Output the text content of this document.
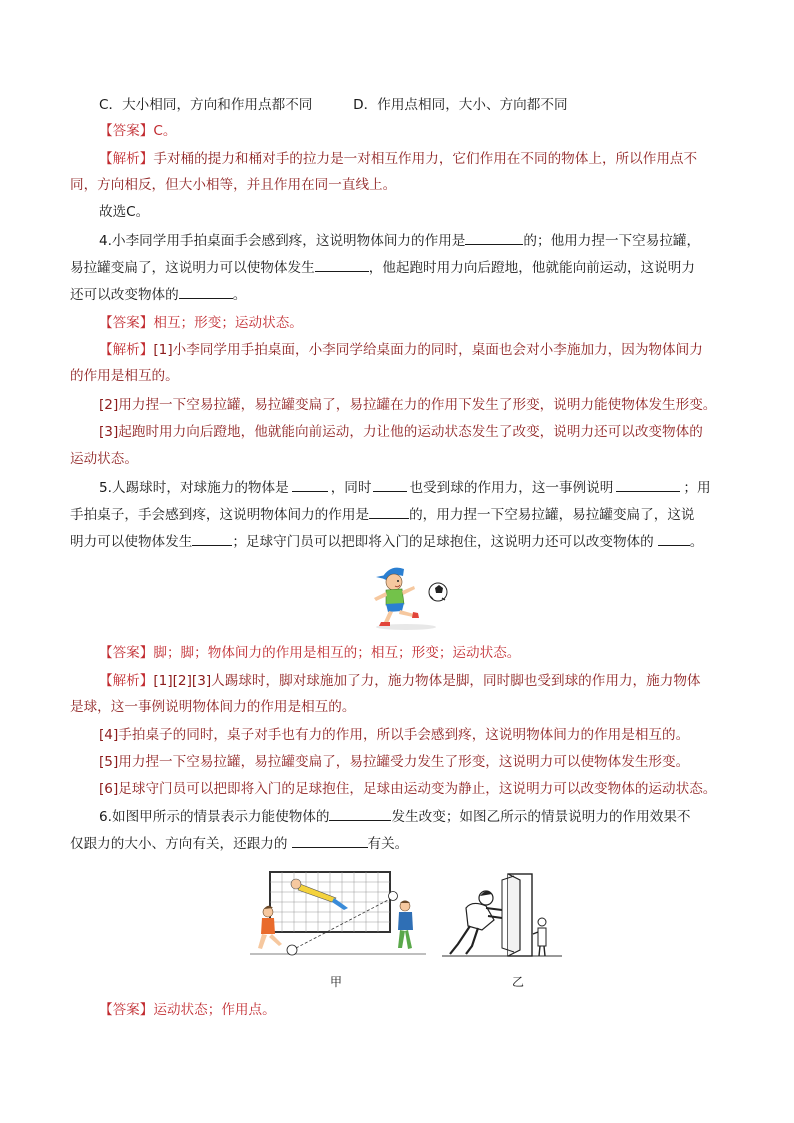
C．大小相同，方向和作用点都不同　　　D．作用点相同，大小、方向都不同
【答案】C。
【解析】手对桶的提力和桶对手的拉力是一对相互作用力，它们作用在不同的物体上，所以作用点不
同，方向相反，但大小相等，并且作用在同一直线上。
故选C。
4.小李同学用手拍桌面手会感到疼，这说明物体间力的作用是	的；他用力捏一下空易拉罐，
易拉罐变扁了，这说明力可以使物体发生	，他起跑时用力向后蹬地，他就能向前运动，这说明力
还可以改变物体的	。
【答案】相互；形变；运动状态。
【解析】[1]小李同学用手拍桌面，小李同学给桌面力的同时，桌面也会对小李施加力，因为物体间力
的作用是相互的。
[2]用力捏一下空易拉罐，易拉罐变扁了，易拉罐在力的作用下发生了形变，说明力能使物体发生形变。
[3]起跑时用力向后蹬地，他就能向前运动，力让他的运动状态发生了改变，说明力还可以改变物体的
运动状态。
5.人踢球时，对球施力的物体是	，同时	也受到球的作用力，这一事例说明	；用
手拍桌子，手会感到疼，这说明物体间力的作用是	的，用力捏一下空易拉罐，易拉罐变扁了，这说
明力可以使物体发生	；足球守门员可以把即将入门的足球抱住，这说明力还可以改变物体的	。
【答案】脚；脚；物体间力的作用是相互的；相互；形变；运动状态。
【解析】[1][2][3]人踢球时，脚对球施加了力，施力物体是脚，同时脚也受到球的作用力，施力物体
是球，这一事例说明物体间力的作用是相互的。
[4]手拍桌子的同时，桌子对手也有力的作用，所以手会感到疼，这说明物体间力的作用是相互的。
[5]用力捏一下空易拉罐，易拉罐变扁了，易拉罐受力发生了形变，这说明力可以使物体发生形变。
[6]足球守门员可以把即将入门的足球抱住，足球由运动变为静止，这说明力可以改变物体的运动状态。
6.如图甲所示的情景表示力能使物体的	发生改变；如图乙所示的情景说明力的作用效果不
仅跟力的大小、方向有关，还跟力的	有关。
甲	乙
【答案】运动状态；作用点。
